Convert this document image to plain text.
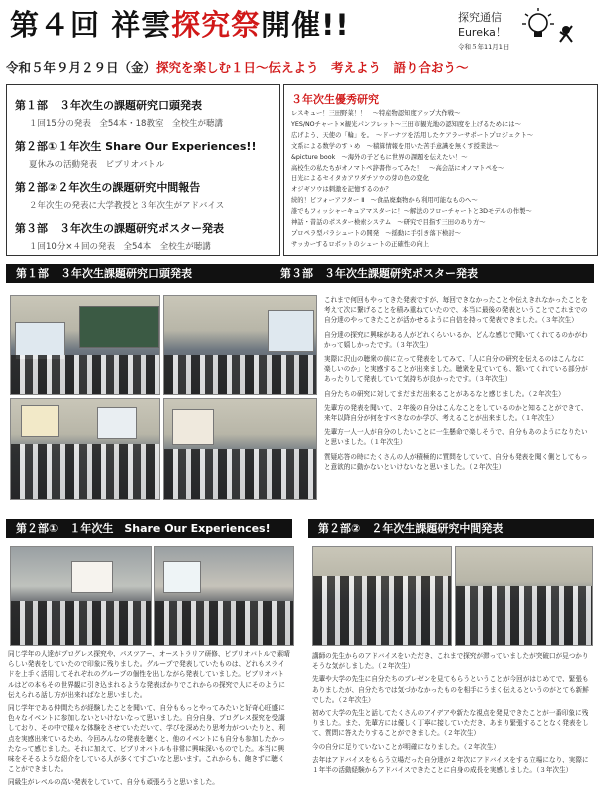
第４回 祥雲探究祭開催!!	探究通信
Eureka！
令和５年11月1日
令和５年９月２９日（金）探究を楽しむ１日～伝えよう　考えよう　語り合おう～
第１部　３年次生の課題研究口頭発表
１回15分の発表　全54本・18教室　全校生が聴講
第２部①１年次生 Share Our Experiences!!
夏休みの活動発表　ビブリオバトル
第２部②２年次生の課題研究中間報告
２年次生の発表に大学教授と３年次生がアドバイス
第３部　３年次生の課題研究ポスター発表
１回10分×４回の発表　全54本　全校生が聴講
３年次生優秀研究
レスキュー！三田野菜！！　～特産物認知度アップ大作戦～
YES/NOチャート×観光パンフレット～三田市観光地の認知度を上げるためには～
広げよう、天使の「輪」を。　～ドーナツを活用したケアラーサポートプロジェクト～
文系による数学のすゝめ　～積算情報を用いた苦手意識を無くす授業法～
&picture book　～海外の子どもに世界の課題を伝えたい！～
高校生の私たちがオノマトペ辞書作ってみた！　～高会話にオノマトペを～
日光によるセイタカアワダチソウの芽の色の変化
オジギソウは刺激を記憶するのか？
続的！ビフォーアフター Ⅱ　～食品廃棄物から利用可能なものへ～
誰でもフィッシャーキュアマスターに！～解法のフローチャートと3Dモデルの作製～
神話・昔話のポスター検索システム　～研究で目指す三田のあり方～
プロペラ型パラシュートの開発　～揺動に手引き落下検討～
サッカーするロボットのシュートの正確性の向上
第１部　３年次生課題研究口頭発表	第３部　３年次生課題研究ポスター発表

これまで何回もやってきた発表ですが、毎回できなかったことや伝えきれなかったことを考えて次に繋げることを積み重ねていたので、本当に最後の発表ということでこれまでの自分達のやってきたことが活かせるように自信を持って発表できました。（３年次生）

自分達の探究に興味がある人がどれくらいいるか、どんな感じで聞いてくれてるのかがわかって嬉しかったです。（３年次生）

実際に沢山の聴衆の前に立って発表をしてみて、「人に自分の研究を伝えるのはこんなに楽しいのか」と実感することが出来ました。聴衆を見ていても、頷いてくれている部分があったりして発表していて気持ちが良かったです。（３年次生）

自分たちの研究に対してまだまだ出来ることがあるなと感じました。（２年次生）

先輩方の発表を聞いて、２年後の自分はこんなことをしているのかと知ることができて、来年以降自分が何をすべきなのか学び、考えることが出来ました。（１年次生）

先輩方一人一人が自分のしたいことに一生懸命で楽しそうで、自分もあのようになりたいと思いました。（１年次生）

質疑応答の時にたくさんの人が積極的に質問をしていて、自分も発表を聞く側としてもっと意欲的に動かないといけないなと思いました。（２年次生）

第２部①　１年次生　Share Our Experiences!	第２部②　２年次生課題研究中間発表

同じ学年の人達がプログレス探究や、パスツアー、オーストラリア研修、ビブリオバトルで素晴らしい発表をしていたので印象に残りました。グループで発表していたものは、どれもスライドを上手く活用してそれぞれのグループの個性を出しながら発表していました。ビブリオバトルはどの本もその世界観に引き込まれるような発表ばかりでこれからの探究で人にそのように伝えられる話し方が出来ればなと思いました。

同じ学年である仲間たちが経験したことを聞いて、自分ももっとやってみたいと好奇心旺盛に色々なイベントに参加しないといけないなって思いました。自分自身、プログレス探究を受講しており、その中で様々な体験をさせていただいて、学びを深めたり思考力がついたりと、利点を実感出来ているため、今回みんなの発表を聴くと、他のイベントにも自分も参加したかったなって感じました。それに加えて、ビブリオバトルも非常に興味深いものでした。本当に興味をそそるような紹介をしている人が多くてすごいなと思います。これからも、飽きずに聴くことができました。

同級生がレベルの高い発表をしていて、自分も頑張ろうと思いました。

講師の先生からのアドバイスをいただき、これまで探究が滞っていましたが突破口が見つかりそうな気がしました。（２年次生）

先輩や大学の先生に自分たちのプレゼンを見てもらうということが今回がはじめてで、緊張もありましたが、自分たちでは気づかなかったものを相手にうまく伝えるというのがとても新鮮でした。（２年次生）

初めて大学の先生と話してたくさんのアイデアや新たな視点を発見できたことが一番印象に残りました。また、先輩方には優しく丁寧に接していただき、あまり緊張することなく発表をして、質問に答えたりすることができました。（２年次生）

今の自分に足りていないことが明確になりました。（２年次生）

去年はアドバイスをもらう立場だった自分達が２年次にアドバイスをする立場になり、実際に１年半の活動経験からアドバイスできたことに自身の成長を実感しました。（３年次生）
